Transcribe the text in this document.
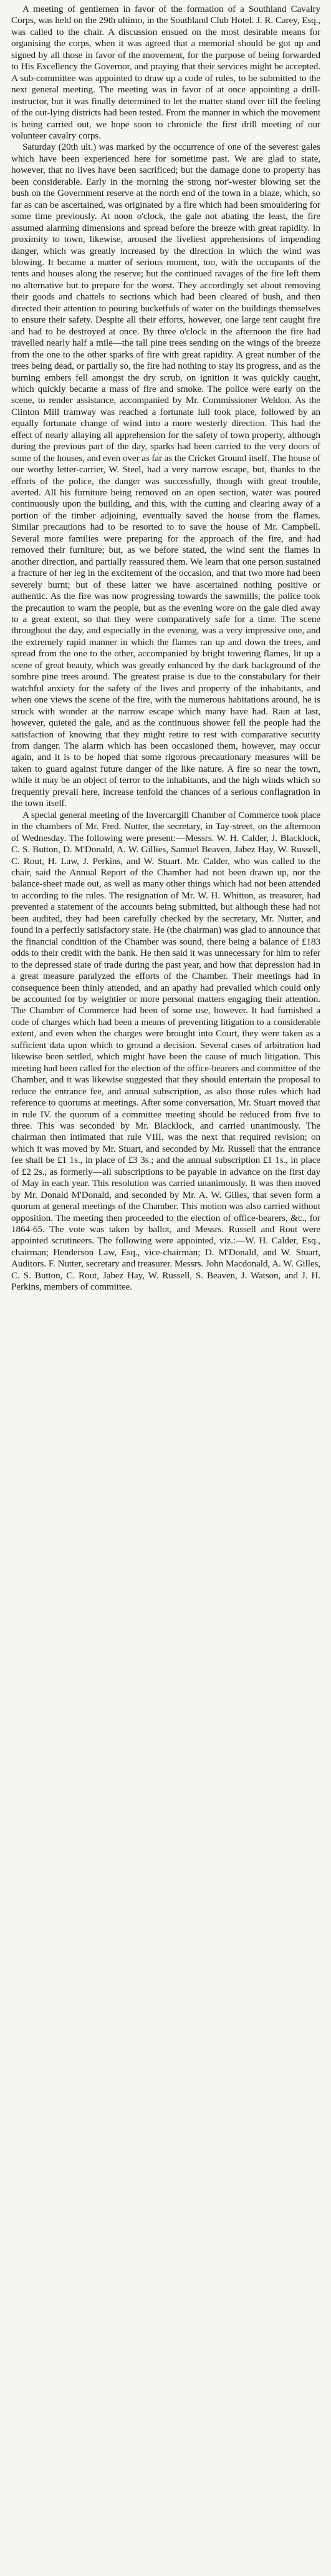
A meeting of gentlemen in favor of the formation of a Southland Cavalry Corps, was held on the 29th ultimo, in the Southland Club Hotel. J. R. Carey, Esq., was called to the chair. A discussion ensued on the most desirable means for organising the corps, when it was agreed that a memorial should be got up and signed by all those in favor of the movement, for the purpose of being forwarded to His Excellency the Governor, and praying that their services might be accepted. A sub-committee was appointed to draw up a code of rules, to be submitted to the next general meeting. The meeting was in favor of at once appointing a drill-instructor, but it was finally determined to let the matter stand over till the feeling of the out-lying districts had been tested. From the manner in which the movement is being carried out, we hope soon to chronicle the first drill meeting of our volunteer cavalry corps.

Saturday (20th ult.) was marked by the occurrence of one of the severest gales which have been experienced here for sometime past. We are glad to state, however, that no lives have been sacrificed; but the damage done to property has been considerable. Early in the morning the strong nor'-wester blowing set the bush on the Government reserve at the north end of the town in a blaze, which, so far as can be ascertained, was originated by a fire which had been smouldering for some time previously. At noon o'clock, the gale not abating the least, the fire assumed alarming dimensions and spread before the breeze with great rapidity. In proximity to town, likewise, aroused the liveliest apprehensions of impending danger, which was greatly increased by the direction in which the wind was blowing. It became a matter of serious moment, too, with the occupants of the tents and houses along the reserve; but the continued ravages of the fire left them no alternative but to prepare for the worst. They accordingly set about removing their goods and chattels to sections which had been cleared of bush, and then directed their attention to pouring bucketfuls of water on the buildings themselves to ensure their safety. Despite all their efforts, however, one large tent caught fire and had to be destroyed at once. By three o'clock in the afternoon the fire had travelled nearly half a mile—the tall pine trees sending on the wings of the breeze from the one to the other sparks of fire with great rapidity. A great number of the trees being dead, or partially so, the fire had nothing to stay its progress, and as the burning embers fell amongst the dry scrub, on ignition it was quickly caught, which quickly became a mass of fire and smoke. The police were early on the scene, to render assistance, accompanied by Mr. Commissioner Weldon. As the Clinton Mill tramway was reached a fortunate lull took place, followed by an equally fortunate change of wind into a more westerly direction. This had the effect of nearly allaying all apprehension for the safety of town property, although during the previous part of the day, sparks had been carried to the very doors of some of the houses, and even over as far as the Cricket Ground itself. The house of our worthy letter-carrier, W. Steel, had a very narrow escape, but, thanks to the efforts of the police, the danger was successfully, though with great trouble, averted. All his furniture being removed on an open section, water was poured continuously upon the building, and this, with the cutting and clearing away of a portion of the timber adjoining, eventually saved the house from the flames. Similar precautions had to be resorted to to save the house of Mr. Campbell. Several more families were preparing for the approach of the fire, and had removed their furniture; but, as we before stated, the wind sent the flames in another direction, and partially reassured them. We learn that one person sustained a fracture of her leg in the excitement of the occasion, and that two more had been severely burnt; but of these latter we have ascertained nothing positive or authentic. As the fire was now progressing towards the sawmills, the police took the precaution to warn the people, but as the evening wore on the gale died away to a great extent, so that they were comparatively safe for a time. The scene throughout the day, and especially in the evening, was a very impressive one, and the extremely rapid manner in which the flames ran up and down the trees, and spread from the one to the other, accompanied by bright towering flames, lit up a scene of great beauty, which was greatly enhanced by the dark background of the sombre pine trees around. The greatest praise is due to the constabulary for their watchful anxiety for the safety of the lives and property of the inhabitants, and when one views the scene of the fire, with the numerous habitations around, he is struck with wonder at the narrow escape which many have had. Rain at last, however, quieted the gale, and as the continuous shower fell the people had the satisfaction of knowing that they might retire to rest with comparative security from danger. The alarm which has been occasioned them, however, may occur again, and it is to be hoped that some rigorous precautionary measures will be taken to guard against future danger of the like nature. A fire so near the town, while it may be an object of terror to the inhabitants, and the high winds which so frequently prevail here, increase tenfold the chances of a serious conflagration in the town itself.

A special general meeting of the Invercargill Chamber of Commerce took place in the chambers of Mr. Fred. Nutter, the secretary, in Tay-street, on the afternoon of Wednesday. The following were present:—Messrs. W. H. Calder, J. Blacklock, C. S. Button, D. M'Donald, A. W. Gillies, Samuel Beaven, Jabez Hay, W. Russell, C. Rout, H. Law, J. Perkins, and W. Stuart. Mr. Calder, who was called to the chair, said the Annual Report of the Chamber had not been drawn up, nor the balance-sheet made out, as well as many other things which had not been attended to according to the rules. The resignation of Mr. W. H. Whitton, as treasurer, had prevented a statement of the accounts being submitted, but although these had not been audited, they had been carefully checked by the secretary, Mr. Nutter, and found in a perfectly satisfactory state. He (the chairman) was glad to announce that the financial condition of the Chamber was sound, there being a balance of £183 odds to their credit with the bank. He then said it was unnecessary for him to refer to the depressed state of trade during the past year, and how that depression had in a great measure paralyzed the efforts of the Chamber. Their meetings had in consequence been thinly attended, and an apathy had prevailed which could only be accounted for by weightier or more personal matters engaging their attention. The Chamber of Commerce had been of some use, however. It had furnished a code of charges which had been a means of preventing litigation to a considerable extent, and even when the charges were brought into Court, they were taken as a sufficient data upon which to ground a decision. Several cases of arbitration had likewise been settled, which might have been the cause of much litigation. This meeting had been called for the election of the office-bearers and committee of the Chamber, and it was likewise suggested that they should entertain the proposal to reduce the entrance fee, and annual subscription, as also those rules which had reference to quorums at meetings. After some conversation, Mr. Stuart moved that in rule IV. the quorum of a committee meeting should be reduced from five to three. This was seconded by Mr. Blacklock, and carried unanimously. The chairman then intimated that rule VIII. was the next that required revision; on which it was moved by Mr. Stuart, and seconded by Mr. Russell that the entrance fee shall be £1 1s., in place of £3 3s.; and the annual subscription £1 1s., in place of £2 2s., as formerly—all subscriptions to be payable in advance on the first day of May in each year. This resolution was carried unanimously. It was then moved by Mr. Donald M'Donald, and seconded by Mr. A. W. Gilles, that seven form a quorum at general meetings of the Chamber. This motion was also carried without opposition. The meeting then proceeded to the election of office-bearers, &c., for 1864-65. The vote was taken by ballot, and Messrs. Russell and Rout were appointed scrutineers. The following were appointed, viz.:—W. H. Calder, Esq., chairman; Henderson Law, Esq., vice-chairman; D. M'Donald, and W. Stuart, Auditors. F. Nutter, secretary and treasurer. Messrs. John Macdonald, A. W. Gilles, C. S. Button, C. Rout, Jabez Hay, W. Russell, S. Beaven, J. Watson, and J. H. Perkins, members of committee.
